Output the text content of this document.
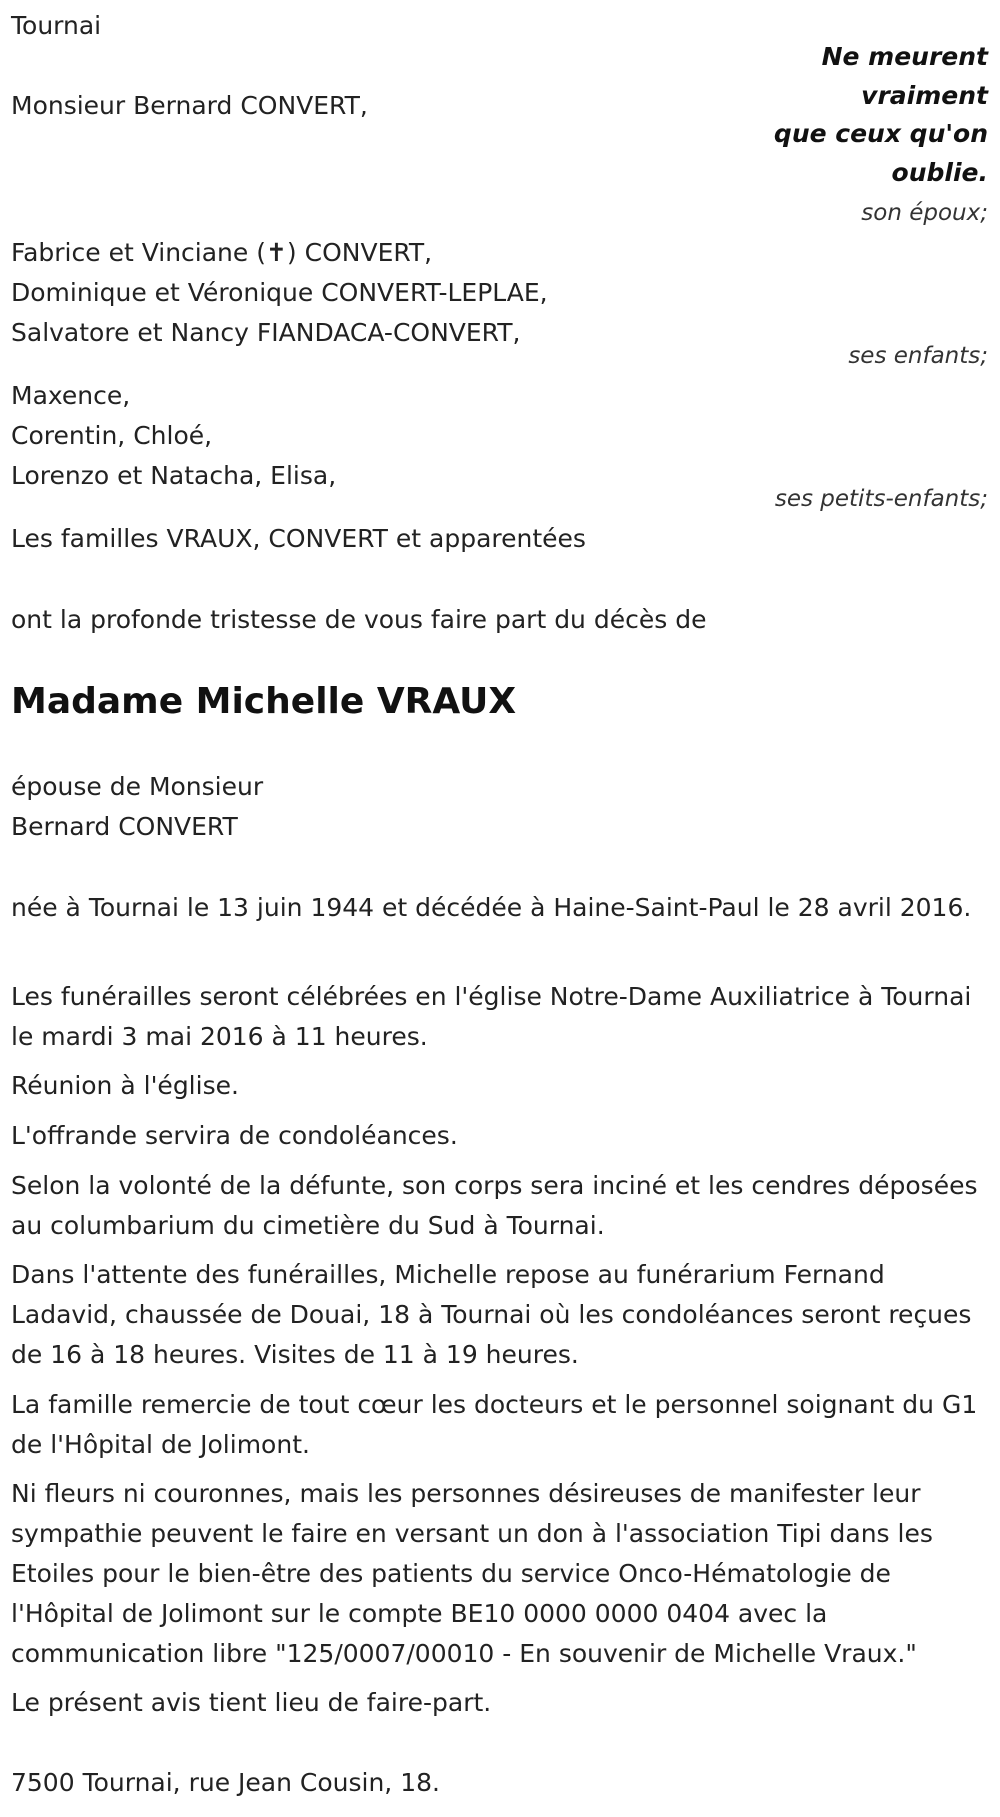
Tournai
Ne meurent
vraiment
que ceux qu'on
oublie.
Monsieur Bernard CONVERT,
son époux;
Fabrice et Vinciane (✝) CONVERT,
Dominique et Véronique CONVERT-LEPLAE,
Salvatore et Nancy FIANDACA-CONVERT,
ses enfants;
Maxence,
Corentin, Chloé,
Lorenzo et Natacha, Elisa,
ses petits-enfants;
Les familles VRAUX, CONVERT et apparentées
ont la profonde tristesse de vous faire part du décès de
Madame Michelle VRAUX
épouse de Monsieur
Bernard CONVERT
née à Tournai le 13 juin 1944 et décédée à Haine-Saint-Paul le 28 avril 2016.
Les funérailles seront célébrées en l'église Notre-Dame Auxiliatrice à Tournai le mardi 3 mai 2016 à 11 heures.
Réunion à l'église.
L'offrande servira de condoléances.
Selon la volonté de la défunte, son corps sera inciné et les cendres déposées au columbarium du cimetière du Sud à Tournai.
Dans l'attente des funérailles, Michelle repose au funérarium Fernand Ladavid, chaussée de Douai, 18 à Tournai où les condoléances seront reçues de 16 à 18 heures. Visites de 11 à 19 heures.
La famille remercie de tout cœur les docteurs et le personnel soignant du G1 de l'Hôpital de Jolimont.
Ni fleurs ni couronnes, mais les personnes désireuses de manifester leur sympathie peuvent le faire en versant un don à l'association Tipi dans les Etoiles pour le bien-être des patients du service Onco-Hématologie de l'Hôpital de Jolimont sur le compte BE10 0000 0000 0404 avec la communication libre "125/0007/00010 - En souvenir de Michelle Vraux."
Le présent avis tient lieu de faire-part.
7500 Tournai, rue Jean Cousin, 18.
